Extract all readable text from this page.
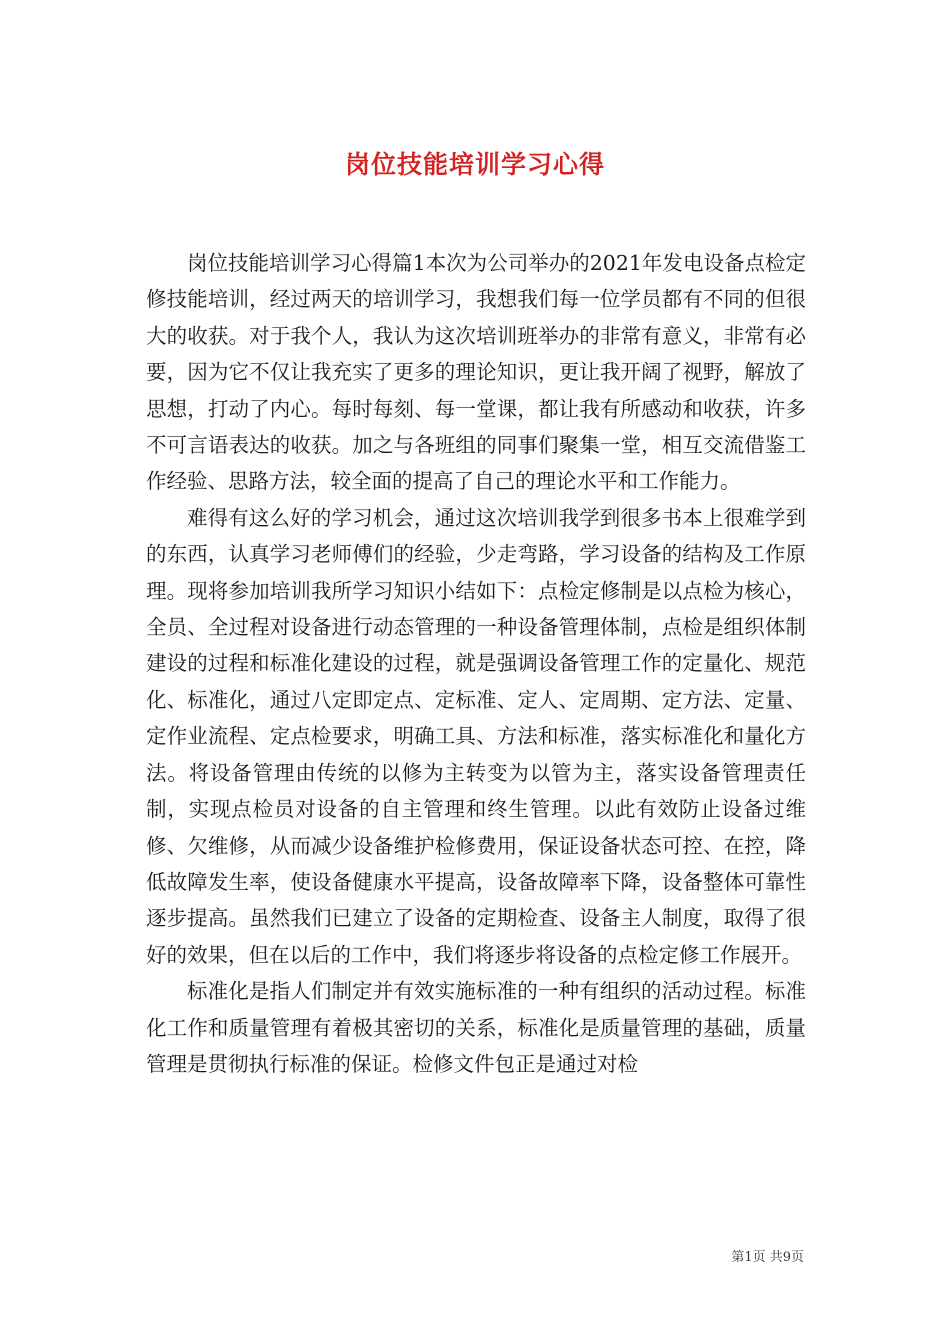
岗位技能培训学习心得

岗位技能培训学习心得篇1本次为公司举办的2021年发电设备点检定修技能培训，经过两天的培训学习，我想我们每一位学员都有不同的但很大的收获。对于我个人，我认为这次培训班举办的非常有意义，非常有必要，因为它不仅让我充实了更多的理论知识，更让我开阔了视野，解放了思想，打动了内心。每时每刻、每一堂课，都让我有所感动和收获，许多不可言语表达的收获。加之与各班组的同事们聚集一堂，相互交流借鉴工作经验、思路方法，较全面的提高了自己的理论水平和工作能力。

难得有这么好的学习机会，通过这次培训我学到很多书本上很难学到的东西，认真学习老师傅们的经验，少走弯路，学习设备的结构及工作原理。现将参加培训我所学习知识小结如下：点检定修制是以点检为核心，全员、全过程对设备进行动态管理的一种设备管理体制，点检是组织体制建设的过程和标准化建设的过程，就是强调设备管理工作的定量化、规范化、标准化，通过八定即定点、定标准、定人、定周期、定方法、定量、定作业流程、定点检要求，明确工具、方法和标准，落实标准化和量化方法。将设备管理由传统的以修为主转变为以管为主，落实设备管理责任制，实现点检员对设备的自主管理和终生管理。以此有效防止设备过维修、欠维修，从而减少设备维护检修费用，保证设备状态可控、在控，降低故障发生率，使设备健康水平提高，设备故障率下降，设备整体可靠性逐步提高。虽然我们已建立了设备的定期检查、设备主人制度，取得了很好的效果，但在以后的工作中，我们将逐步将设备的点检定修工作展开。

标准化是指人们制定并有效实施标准的一种有组织的活动过程。标准化工作和质量管理有着极其密切的关系，标准化是质量管理的基础，质量管理是贯彻执行标准的保证。检修文件包正是通过对检

第1页 共9页
